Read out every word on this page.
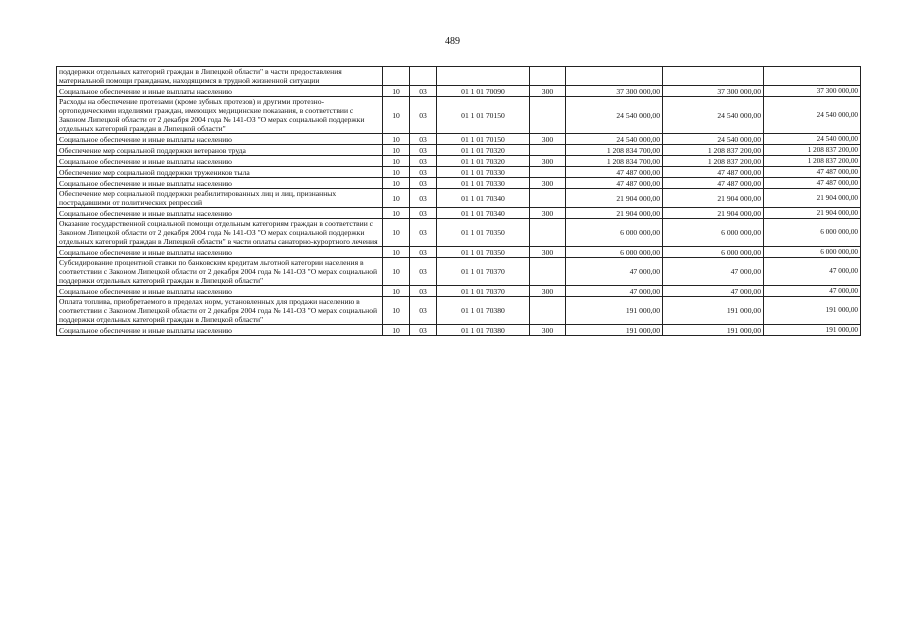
489
поддержки отдельных категорий граждан в Липецкой области" в части предоставления материальной помощи гражданам, находящимся в трудной жизненной ситуации							
Социальное обеспечение и иные выплаты населению	10	03	01 1 01 70090	300	37 300 000,00	37 300 000,00	37 300 000,00
Расходы на обеспечение протезами (кроме зубных протезов) и другими протезно-ортопедическими изделиями граждан, имеющих медицинские показания, в соответствии с Законом Липецкой области от 2 декабря 2004 года № 141-ОЗ "О мерах социальной поддержки отдельных категорий граждан в Липецкой области"	10	03	01 1 01 70150		24 540 000,00	24 540 000,00	24 540 000,00
Социальное обеспечение и иные выплаты населению	10	03	01 1 01 70150	300	24 540 000,00	24 540 000,00	24 540 000,00
Обеспечение мер социальной поддержки ветеранов труда	10	03	01 1 01 70320		1 208 834 700,00	1 208 837 200,00	1 208 837 200,00
Социальное обеспечение и иные выплаты населению	10	03	01 1 01 70320	300	1 208 834 700,00	1 208 837 200,00	1 208 837 200,00
Обеспечение мер социальной поддержки тружеников тыла	10	03	01 1 01 70330		47 487 000,00	47 487 000,00	47 487 000,00
Социальное обеспечение и иные выплаты населению	10	03	01 1 01 70330	300	47 487 000,00	47 487 000,00	47 487 000,00
Обеспечение мер социальной поддержки реабилитированных лиц и лиц, признанных пострадавшими от политических репрессий	10	03	01 1 01 70340		21 904 000,00	21 904 000,00	21 904 000,00
Социальное обеспечение и иные выплаты населению	10	03	01 1 01 70340	300	21 904 000,00	21 904 000,00	21 904 000,00
Оказание государственной социальной помощи отдельным категориям граждан в соответствии с Законом Липецкой области от 2 декабря 2004 года № 141-ОЗ "О мерах социальной поддержки отдельных категорий граждан в Липецкой области" в части оплаты санаторно-курортного лечения	10	03	01 1 01 70350		6 000 000,00	6 000 000,00	6 000 000,00
Социальное обеспечение и иные выплаты населению	10	03	01 1 01 70350	300	6 000 000,00	6 000 000,00	6 000 000,00
Субсидирование процентной ставки по банковским кредитам льготной категории населения в соответствии с Законом Липецкой области от 2 декабря 2004 года № 141-ОЗ "О мерах социальной поддержки отдельных категорий граждан в Липецкой области"	10	03	01 1 01 70370		47 000,00	47 000,00	47 000,00
Социальное обеспечение и иные выплаты населению	10	03	01 1 01 70370	300	47 000,00	47 000,00	47 000,00
Оплата топлива, приобретаемого в пределах норм, установленных для продажи населению в соответствии с Законом Липецкой области от 2 декабря 2004 года № 141-ОЗ "О мерах социальной поддержки отдельных категорий граждан в Липецкой области"	10	03	01 1 01 70380		191 000,00	191 000,00	191 000,00
Социальное обеспечение и иные выплаты населению	10	03	01 1 01 70380	300	191 000,00	191 000,00	191 000,00
